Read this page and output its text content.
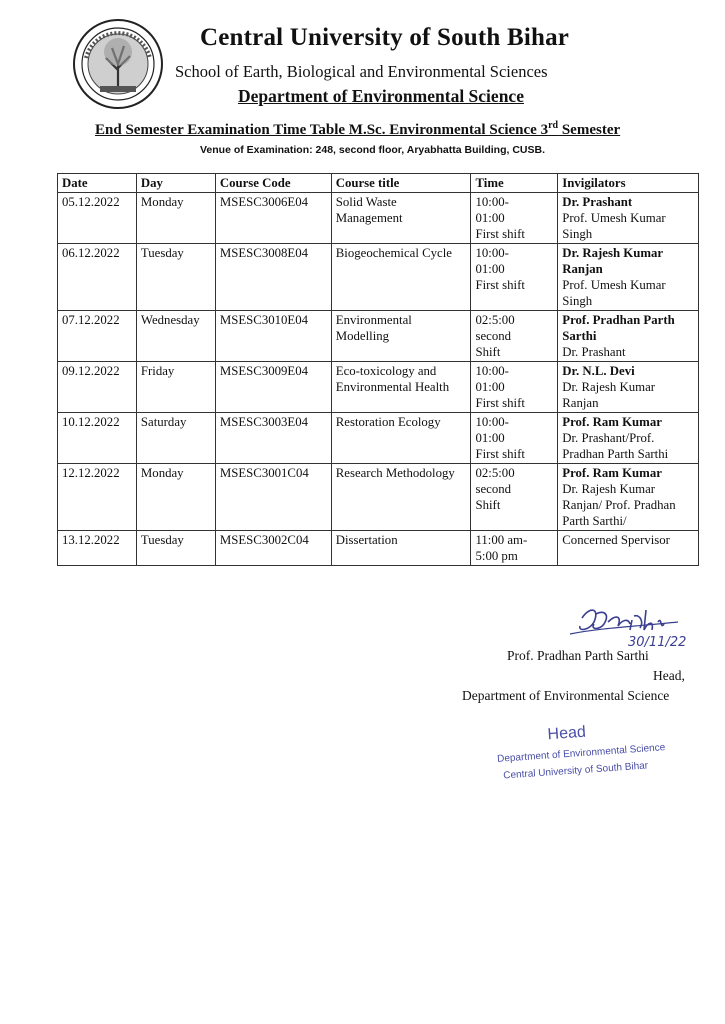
Central University of South Bihar
School of Earth, Biological and Environmental Sciences
Department of Environmental Science
End Semester Examination Time Table M.Sc. Environmental Science 3rd Semester
Venue of Examination: 248, second floor, Aryabhatta Building, CUSB.
Date	Day	Course Code	Course title	Time	Invigilators
05.12.2022	Monday	MSESC3006E04	Solid Waste Management	10:00-
01:00
First shift	Dr. Prashant
Prof. Umesh Kumar Singh

06.12.2022	Tuesday	MSESC3008E04	Biogeochemical Cycle	10:00-
01:00
First shift	Dr. Rajesh Kumar Ranjan
Prof. Umesh Kumar Singh

07.12.2022	Wednesday	MSESC3010E04	Environmental Modelling	02:5:00
second
Shift	Prof. Pradhan Parth Sarthi
Dr. Prashant

09.12.2022	Friday	MSESC3009E04	Eco-toxicology and Environmental Health	10:00-
01:00
First shift	Dr. N.L. Devi
Dr. Rajesh Kumar Ranjan

10.12.2022	Saturday	MSESC3003E04	Restoration Ecology	10:00-
01:00
First shift	Prof. Ram Kumar
Dr. Prashant/Prof. Pradhan Parth Sarthi

12.12.2022	Monday	MSESC3001C04	Research Methodology	02:5:00
second
Shift	Prof. Ram Kumar
Dr. Rajesh Kumar Ranjan/ Prof. Pradhan Parth Sarthi/

13.12.2022	Tuesday	MSESC3002C04	Dissertation	11:00 am-
5:00 pm	Concerned Spervisor
30/11/22
Prof. Pradhan Parth Sarthi
Head,
Department of Environmental Science
Head
Department of Environmental Science
Central University of South Bihar
